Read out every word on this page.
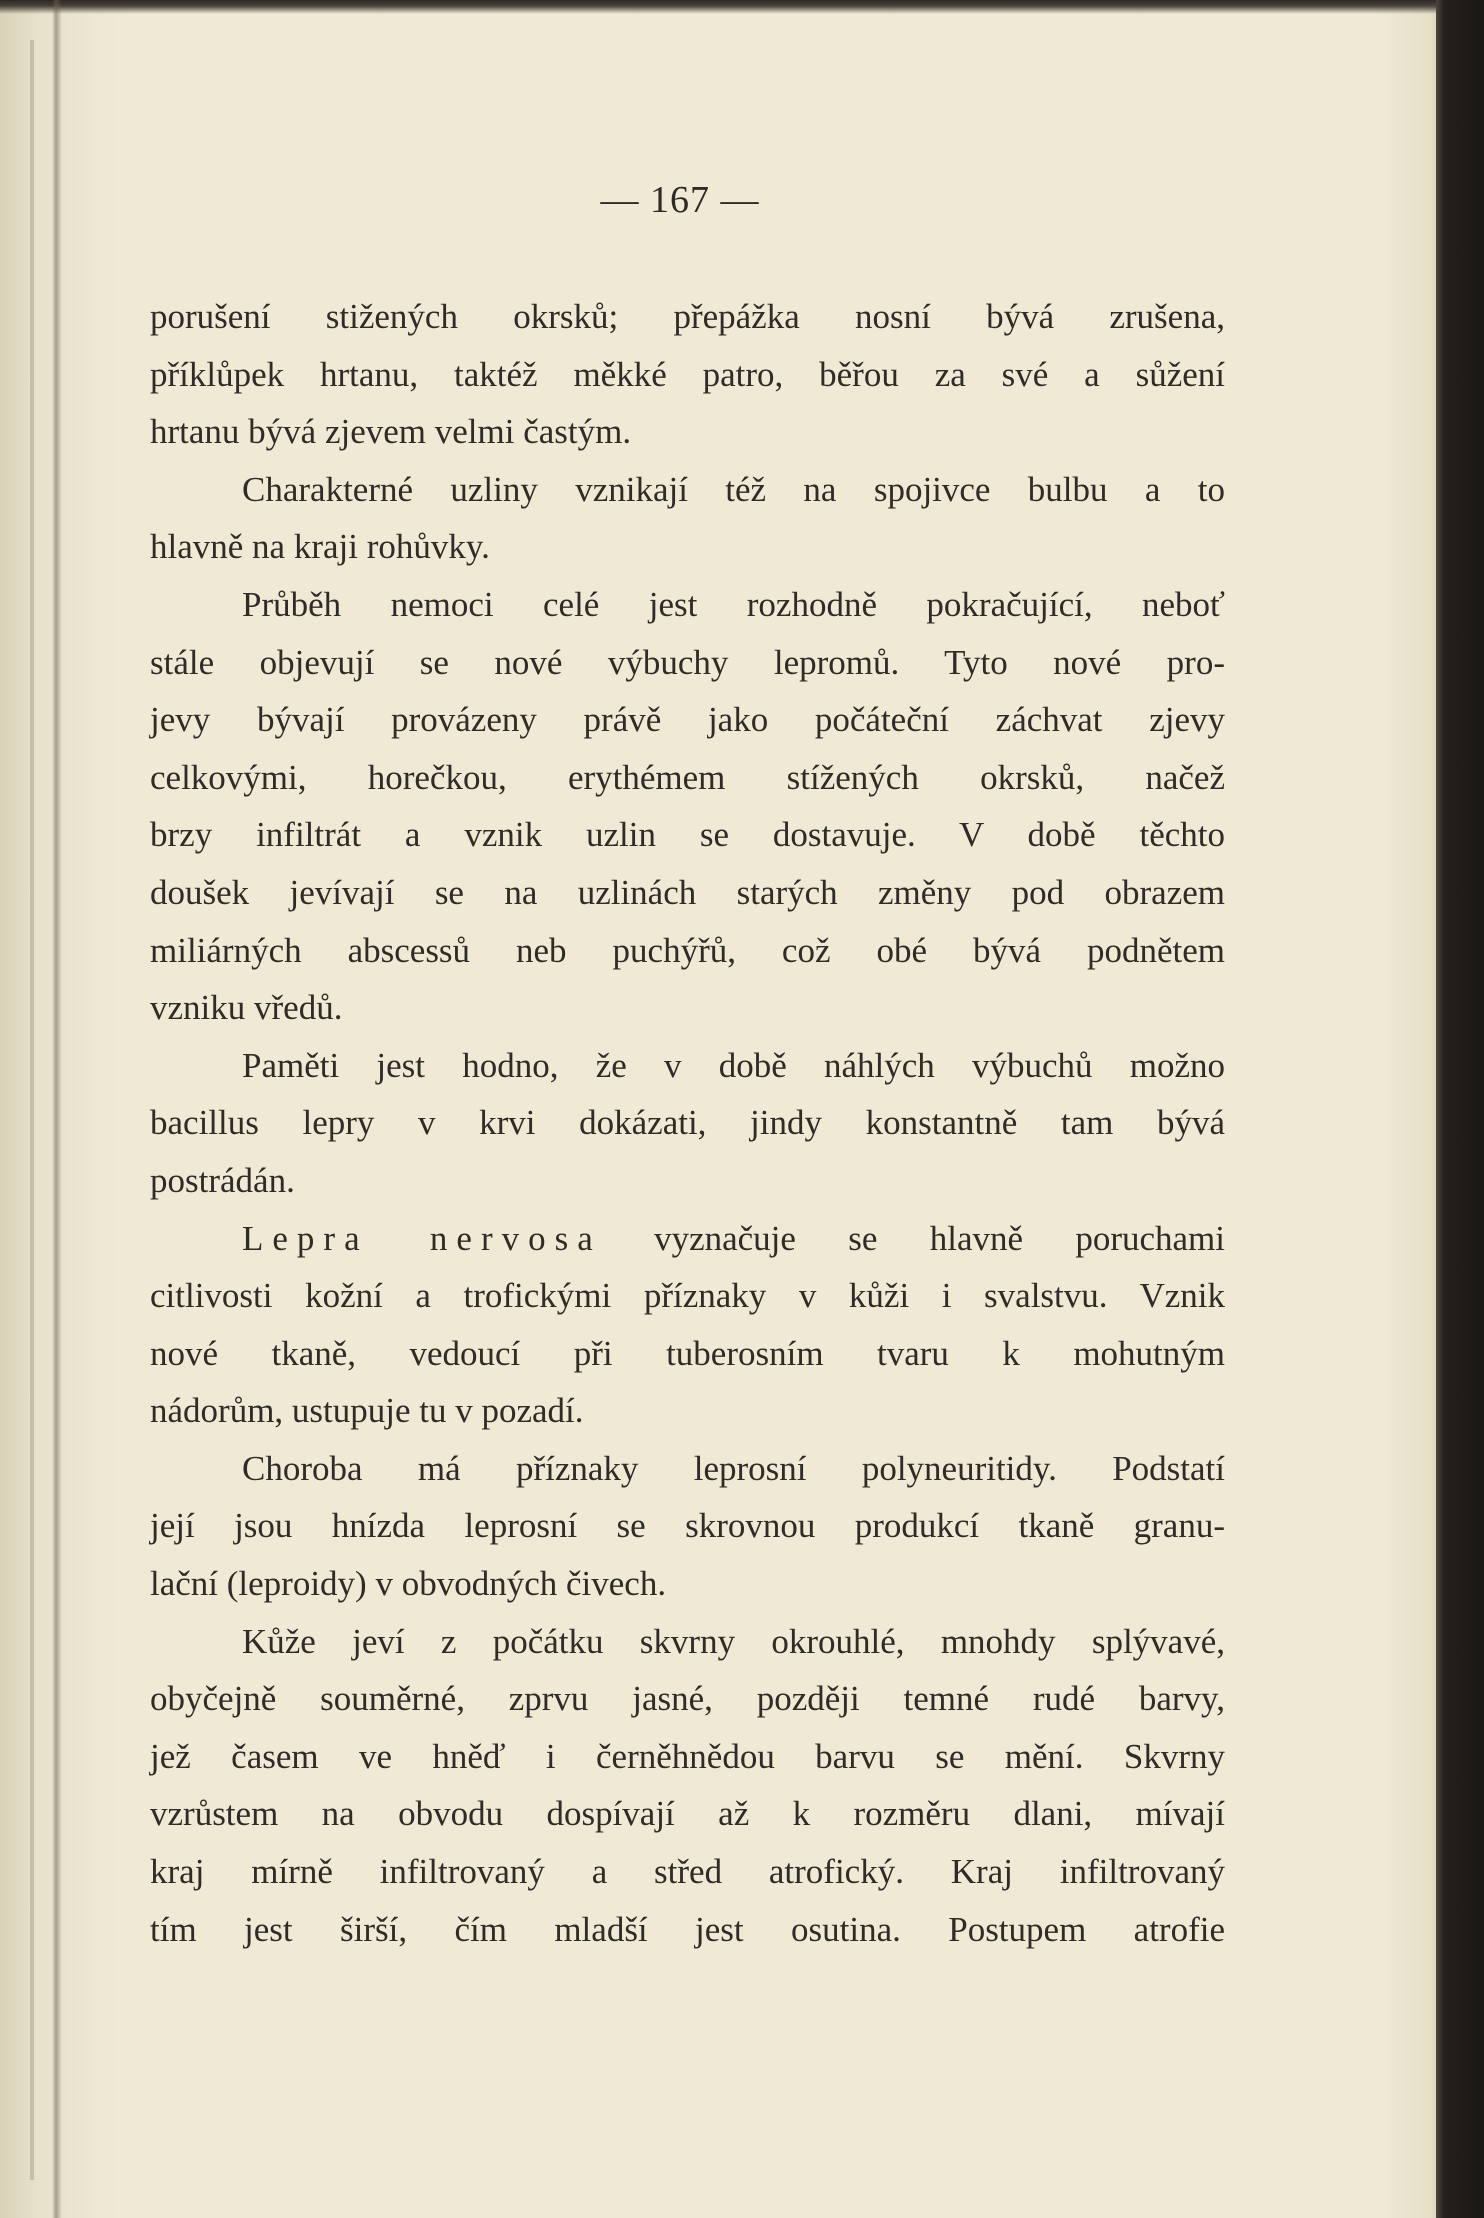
— 167 —
porušení stižených okrsků; přepážka nosní bývá zrušena,
příklůpek hrtanu, taktéž měkké patro, běřou za své a sůžení
hrtanu bývá zjevem velmi častým.
Charakterné uzliny vznikají též na spojivce bulbu a to
hlavně na kraji rohůvky.
Průběh nemoci celé jest rozhodně pokračující, neboť
stále objevují se nové výbuchy lepromů. Tyto nové pro-
jevy bývají provázeny právě jako počáteční záchvat zjevy
celkovými, horečkou, erythémem stížených okrsků, načež
brzy infiltrát a vznik uzlin se dostavuje. V době těchto
doušek jevívají se na uzlinách starých změny pod obrazem
miliárných abscessů neb puchýřů, což obé bývá podnětem
vzniku vředů.
Paměti jest hodno, že v době náhlých výbuchů možno
bacillus lepry v krvi dokázati, jindy konstantně tam bývá
postrádán.
Lepra nervosa vyznačuje se hlavně poruchami
citlivosti kožní a trofickými příznaky v kůži i svalstvu. Vznik
nové tkaně, vedoucí při tuberosním tvaru k mohutným
nádorům, ustupuje tu v pozadí.
Choroba má příznaky leprosní polyneuritidy. Podstatí
její jsou hnízda leprosní se skrovnou produkcí tkaně granu-
lační (leproidy) v obvodných čivech.
Kůže jeví z počátku skvrny okrouhlé, mnohdy splývavé,
obyčejně souměrné, zprvu jasné, později temné rudé barvy,
jež časem ve hněď i černěhnědou barvu se mění. Skvrny
vzrůstem na obvodu dospívají až k rozměru dlani, mívají
kraj mírně infiltrovaný a střed atrofický. Kraj infiltrovaný
tím jest širší, čím mladší jest osutina. Postupem atrofie
